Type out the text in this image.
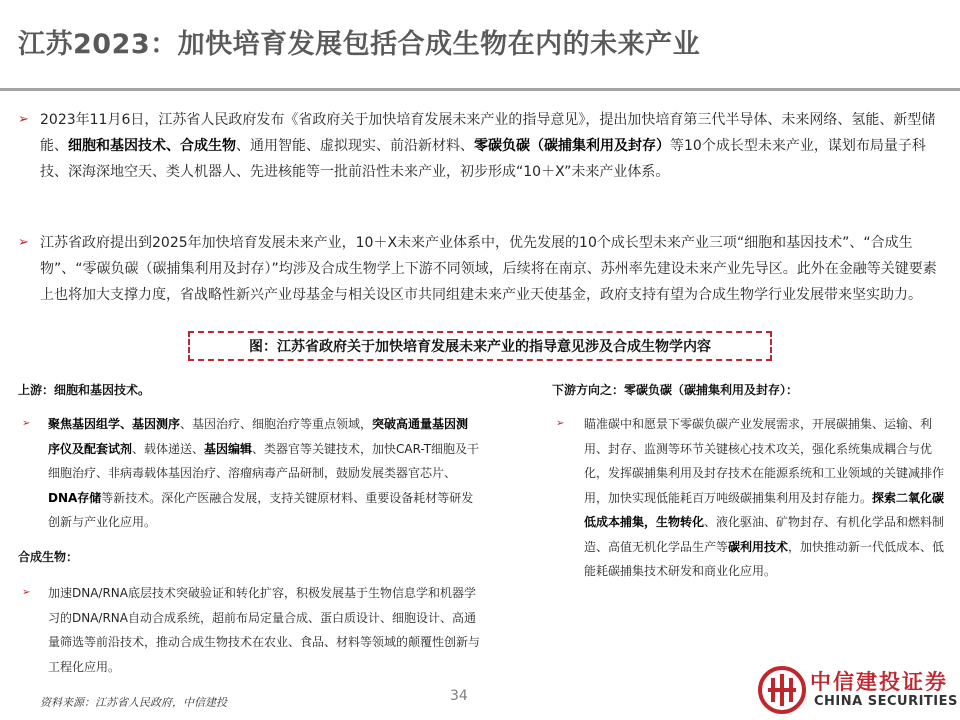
江苏2023：加快培育发展包括合成生物在内的未来产业
➢ 2023年11月6日，江苏省人民政府发布《省政府关于加快培育发展未来产业的指导意见》，提出加快培育第三代半导体、未来网络、氢能、新型储能、细胞和基因技术、合成生物、通用智能、虚拟现实、前沿新材料、零碳负碳（碳捕集利用及封存）等10个成长型未来产业，谋划布局量子科技、深海深地空天、类人机器人、先进核能等一批前沿性未来产业，初步形成“10＋X”未来产业体系。
➢ 江苏省政府提出到2025年加快培育发展未来产业，10＋X未来产业体系中，优先发展的10个成长型未来产业三项“细胞和基因技术”、“合成生物”、“零碳负碳（碳捕集利用及封存）”均涉及合成生物学上下游不同领域，后续将在南京、苏州率先建设未来产业先导区。此外在金融等关键要素上也将加大支撑力度，省战略性新兴产业母基金与相关设区市共同组建未来产业天使基金，政府支持有望为合成生物学行业发展带来坚实助力。
图：江苏省政府关于加快培育发展未来产业的指导意见涉及合成生物学内容
上游：细胞和基因技术。
➢ 聚焦基因组学、基因测序、基因治疗、细胞治疗等重点领域，突破高通量基因测序仪及配套试剂、载体递送、基因编辑、类器官等关键技术，加快CAR-T细胞及干细胞治疗、非病毒载体基因治疗、溶瘤病毒产品研制，鼓励发展类器官芯片、DNA存储等新技术。深化产医融合发展，支持关键原材料、重要设备耗材等研发创新与产业化应用。
合成生物：
➢ 加速DNA/RNA底层技术突破验证和转化扩容，积极发展基于生物信息学和机器学习的DNA/RNA自动合成系统，超前布局定量合成、蛋白质设计、细胞设计、高通量筛选等前沿技术，推动合成生物技术在农业、食品、材料等领域的颠覆性创新与工程化应用。
下游方向之：零碳负碳（碳捕集利用及封存）：
➢ 瞄准碳中和愿景下零碳负碳产业发展需求，开展碳捕集、运输、利用、封存、监测等环节关键核心技术攻关，强化系统集成耦合与优化，发挥碳捕集利用及封存技术在能源系统和工业领域的关键减排作用，加快实现低能耗百万吨级碳捕集利用及封存能力。探索二氧化碳低成本捕集，生物转化、液化驱油、矿物封存、有机化学品和燃料制造、高值无机化学品生产等碳利用技术，加快推动新一代低成本、低能耗碳捕集技术研发和商业化应用。
资料来源：江苏省人民政府，中信建投	34
中信建投证券
CHINA SECURITIES
